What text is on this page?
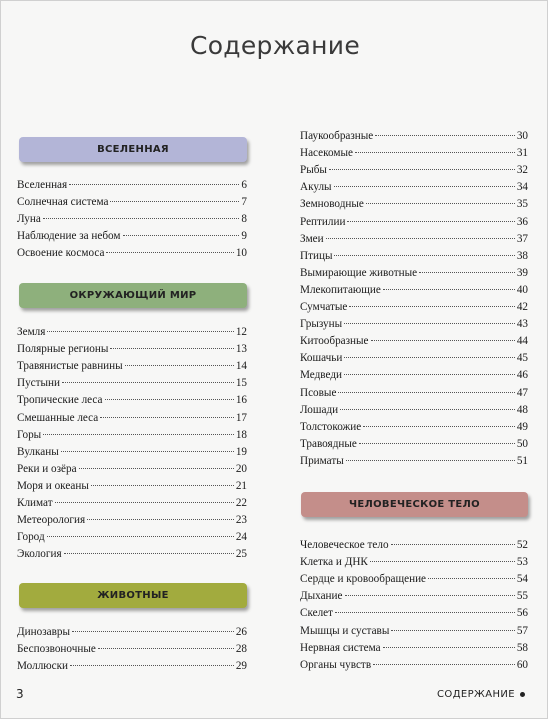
Содержание
ВСЕЛЕННАЯ
ОКРУЖАЮЩИЙ МИР
ЖИВОТНЫЕ
ЧЕЛОВЕЧЕСКОЕ ТЕЛО
Вселенная	6
Солнечная система	7
Луна	8
Наблюдение за небом	9
Освоение космоса	10
Земля	12
Полярные регионы	13
Травянистые равнины	14
Пустыни	15
Тропические леса	16
Смешанные леса	17
Горы	18
Вулканы	19
Реки и озёра	20
Моря и океаны	21
Климат	22
Метеорология	23
Город	24
Экология	25
Динозавры	26
Беспозвоночные	28
Моллюски	29
Паукообразные	30
Насекомые	31
Рыбы	32
Акулы	34
Земноводные	35
Рептилии	36
Змеи	37
Птицы	38
Вымирающие животные	39
Млекопитающие	40
Сумчатые	42
Грызуны	43
Китообразные	44
Кошачьи	45
Медведи	46
Псовые	47
Лошади	48
Толстокожие	49
Травоядные	50
Приматы	51
Человеческое тело	52
Клетка и ДНК	53
Сердце и кровообращение	54
Дыхание	55
Скелет	56
Мышцы и суставы	57
Нервная система	58
Органы чувств	60
3	СОДЕРЖАНИЕ
